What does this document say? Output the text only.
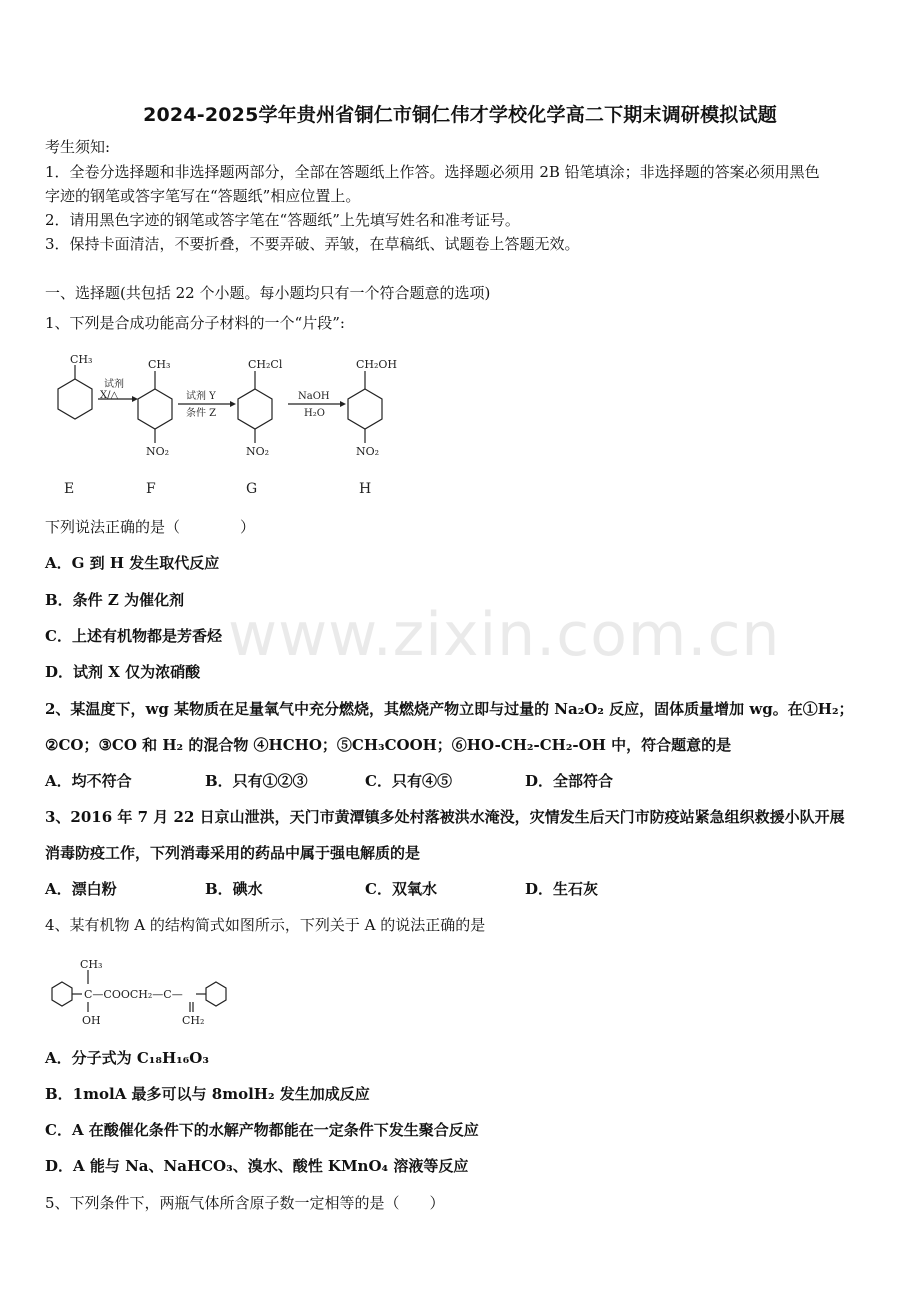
2024-2025学年贵州省铜仁市铜仁伟才学校化学高二下期末调研模拟试题
考生须知:
1．全卷分选择题和非选择题两部分，全部在答题纸上作答。选择题必须用 2B 铅笔填涂；非选择题的答案必须用黑色
字迹的钢笔或答字笔写在“答题纸”相应位置上。
2．请用黑色字迹的钢笔或答字笔在“答题纸”上先填写姓名和准考证号。
3．保持卡面清洁，不要折叠，不要弄破、弄皱，在草稿纸、试题卷上答题无效。
一、选择题(共包括 22 个小题。每小题均只有一个符合题意的选项)
1、下列是合成功能高分子材料的一个“片段”:
CH₃	CH₃	CH₂Cl	CH₂OH
NO₂	NO₂	NO₂
试剂
X/△	试剂 Y
条件 Z
NaOH
H₂O
E	F	G	H
下列说法正确的是（　　　　）
A．G 到 H 发生取代反应
B．条件 Z 为催化剂
C．上述有机物都是芳香烃
D．试剂 X 仅为浓硝酸
www.zixin.com.cn
2、某温度下，wg 某物质在足量氧气中充分燃烧，其燃烧产物立即与过量的 Na₂O₂ 反应，固体质量增加 wg。在①H₂；
②CO；③CO 和 H₂ 的混合物 ④HCHO；⑤CH₃COOH；⑥HO-CH₂-CH₂-OH 中，符合题意的是
A．均不符合	B．只有①②③	C．只有④⑤	D．全部符合
3、2016 年 7 月 22 日京山泄洪，天门市黄潭镇多处村落被洪水淹没，灾情发生后天门市防疫站紧急组织救援小队开展
消毒防疫工作，下列消毒采用的药品中属于强电解质的是
A．漂白粉	B．碘水	C．双氧水	D．生石灰
4、某有机物 A 的结构简式如图所示，下列关于 A 的说法正确的是
CH₃
C—COOCH₂—C—
OH	CH₂
A．分子式为 C₁₈H₁₆O₃
B．1molA 最多可以与 8molH₂ 发生加成反应
C．A 在酸催化条件下的水解产物都能在一定条件下发生聚合反应
D．A 能与 Na、NaHCO₃、溴水、酸性 KMnO₄ 溶液等反应
5、下列条件下，两瓶气体所含原子数一定相等的是（　　）
